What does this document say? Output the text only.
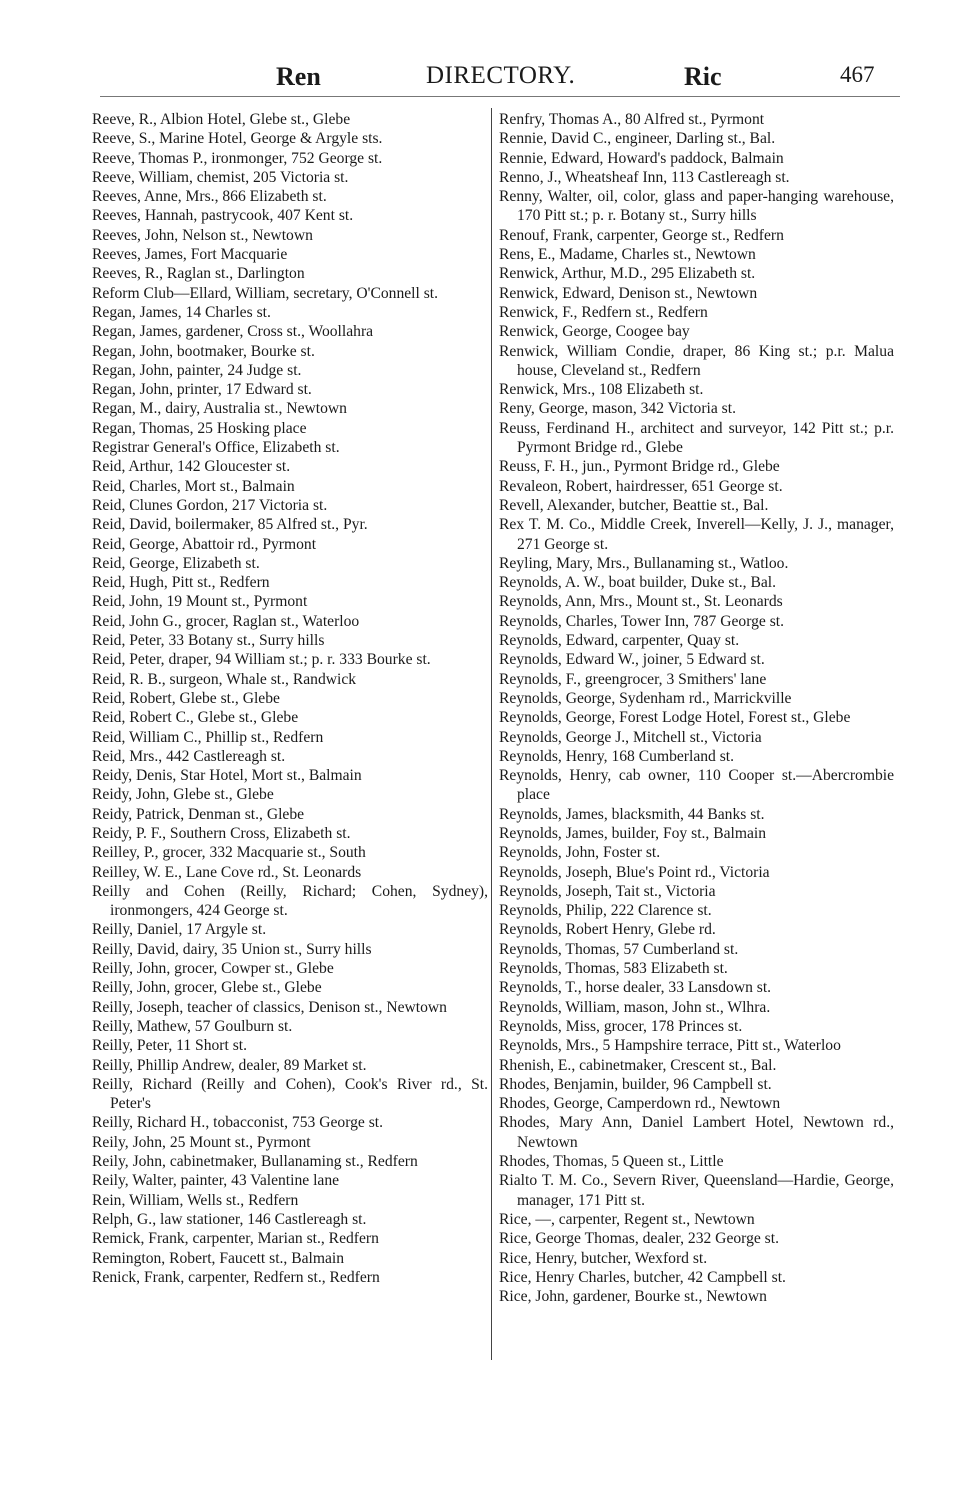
Ren	DIRECTORY.	Ric	467

Reeve, R., Albion Hotel, Glebe st., Glebe

Reeve, S., Marine Hotel, George & Argyle sts.

Reeve, Thomas P., ironmonger, 752 George st.

Reeve, William, chemist, 205 Victoria st.

Reeves, Anne, Mrs., 866 Elizabeth st.

Reeves, Hannah, pastrycook, 407 Kent st.

Reeves, John, Nelson st., Newtown

Reeves, James, Fort Macquarie

Reeves, R., Raglan st., Darlington

Reform Club—Ellard, William, secretary, O'Connell st.

Regan, James, 14 Charles st.

Regan, James, gardener, Cross st., Woollahra

Regan, John, bootmaker, Bourke st.

Regan, John, painter, 24 Judge st.

Regan, John, printer, 17 Edward st.

Regan, M., dairy, Australia st., Newtown

Regan, Thomas, 25 Hosking place

Registrar General's Office, Elizabeth st.

Reid, Arthur, 142 Gloucester st.

Reid, Charles, Mort st., Balmain

Reid, Clunes Gordon, 217 Victoria st.

Reid, David, boilermaker, 85 Alfred st., Pyr.

Reid, George, Abattoir rd., Pyrmont

Reid, George, Elizabeth st.

Reid, Hugh, Pitt st., Redfern

Reid, John, 19 Mount st., Pyrmont

Reid, John G., grocer, Raglan st., Waterloo

Reid, Peter, 33 Botany st., Surry hills

Reid, Peter, draper, 94 William st.; p. r. 333 Bourke st.

Reid, R. B., surgeon, Whale st., Randwick

Reid, Robert, Glebe st., Glebe

Reid, Robert C., Glebe st., Glebe

Reid, William C., Phillip st., Redfern

Reid, Mrs., 442 Castlereagh st.

Reidy, Denis, Star Hotel, Mort st., Balmain

Reidy, John, Glebe st., Glebe

Reidy, Patrick, Denman st., Glebe

Reidy, P. F., Southern Cross, Elizabeth st.

Reilley, P., grocer, 332 Macquarie st., South

Reilley, W. E., Lane Cove rd., St. Leonards

Reilly and Cohen (Reilly, Richard; Cohen, Sydney), ironmongers, 424 George st.

Reilly, Daniel, 17 Argyle st.

Reilly, David, dairy, 35 Union st., Surry hills

Reilly, John, grocer, Cowper st., Glebe

Reilly, John, grocer, Glebe st., Glebe

Reilly, Joseph, teacher of classics, Denison st., Newtown

Reilly, Mathew, 57 Goulburn st.

Reilly, Peter, 11 Short st.

Reilly, Phillip Andrew, dealer, 89 Market st.

Reilly, Richard (Reilly and Cohen), Cook's River rd., St. Peter's

Reilly, Richard H., tobacconist, 753 George st.

Reily, John, 25 Mount st., Pyrmont

Reily, John, cabinetmaker, Bullanaming st., Redfern

Reily, Walter, painter, 43 Valentine lane

Rein, William, Wells st., Redfern

Relph, G., law stationer, 146 Castlereagh st.

Remick, Frank, carpenter, Marian st., Redfern

Remington, Robert, Faucett st., Balmain

Renick, Frank, carpenter, Redfern st., Redfern

Renfry, Thomas A., 80 Alfred st., Pyrmont

Rennie, David C., engineer, Darling st., Bal.

Rennie, Edward, Howard's paddock, Balmain

Renno, J., Wheatsheaf Inn, 113 Castlereagh st.

Renny, Walter, oil, color, glass and paper-hanging warehouse, 170 Pitt st.; p. r. Botany st., Surry hills

Renouf, Frank, carpenter, George st., Redfern

Rens, E., Madame, Charles st., Newtown

Renwick, Arthur, M.D., 295 Elizabeth st.

Renwick, Edward, Denison st., Newtown

Renwick, F., Redfern st., Redfern

Renwick, George, Coogee bay

Renwick, William Condie, draper, 86 King st.; p.r. Malua house, Cleveland st., Redfern

Renwick, Mrs., 108 Elizabeth st.

Reny, George, mason, 342 Victoria st.

Reuss, Ferdinand H., architect and surveyor, 142 Pitt st.; p.r. Pyrmont Bridge rd., Glebe

Reuss, F. H., jun., Pyrmont Bridge rd., Glebe

Revaleon, Robert, hairdresser, 651 George st.

Revell, Alexander, butcher, Beattie st., Bal.

Rex T. M. Co., Middle Creek, Inverell—Kelly, J. J., manager, 271 George st.

Reyling, Mary, Mrs., Bullanaming st., Watloo.

Reynolds, A. W., boat builder, Duke st., Bal.

Reynolds, Ann, Mrs., Mount st., St. Leonards

Reynolds, Charles, Tower Inn, 787 George st.

Reynolds, Edward, carpenter, Quay st.

Reynolds, Edward W., joiner, 5 Edward st.

Reynolds, F., greengrocer, 3 Smithers' lane

Reynolds, George, Sydenham rd., Marrickville

Reynolds, George, Forest Lodge Hotel, Forest st., Glebe

Reynolds, George J., Mitchell st., Victoria

Reynolds, Henry, 168 Cumberland st.

Reynolds, Henry, cab owner, 110 Cooper st.—Abercrombie place

Reynolds, James, blacksmith, 44 Banks st.

Reynolds, James, builder, Foy st., Balmain

Reynolds, John, Foster st.

Reynolds, Joseph, Blue's Point rd., Victoria

Reynolds, Joseph, Tait st., Victoria

Reynolds, Philip, 222 Clarence st.

Reynolds, Robert Henry, Glebe rd.

Reynolds, Thomas, 57 Cumberland st.

Reynolds, Thomas, 583 Elizabeth st.

Reynolds, T., horse dealer, 33 Lansdown st.

Reynolds, William, mason, John st., Wlhra.

Reynolds, Miss, grocer, 178 Princes st.

Reynolds, Mrs., 5 Hampshire terrace, Pitt st., Waterloo

Rhenish, E., cabinetmaker, Crescent st., Bal.

Rhodes, Benjamin, builder, 96 Campbell st.

Rhodes, George, Camperdown rd., Newtown

Rhodes, Mary Ann, Daniel Lambert Hotel, Newtown rd., Newtown

Rhodes, Thomas, 5 Queen st., Little

Rialto T. M. Co., Severn River, Queensland—Hardie, George, manager, 171 Pitt st.

Rice, —, carpenter, Regent st., Newtown

Rice, George Thomas, dealer, 232 George st.

Rice, Henry, butcher, Wexford st.

Rice, Henry Charles, butcher, 42 Campbell st.

Rice, John, gardener, Bourke st., Newtown
